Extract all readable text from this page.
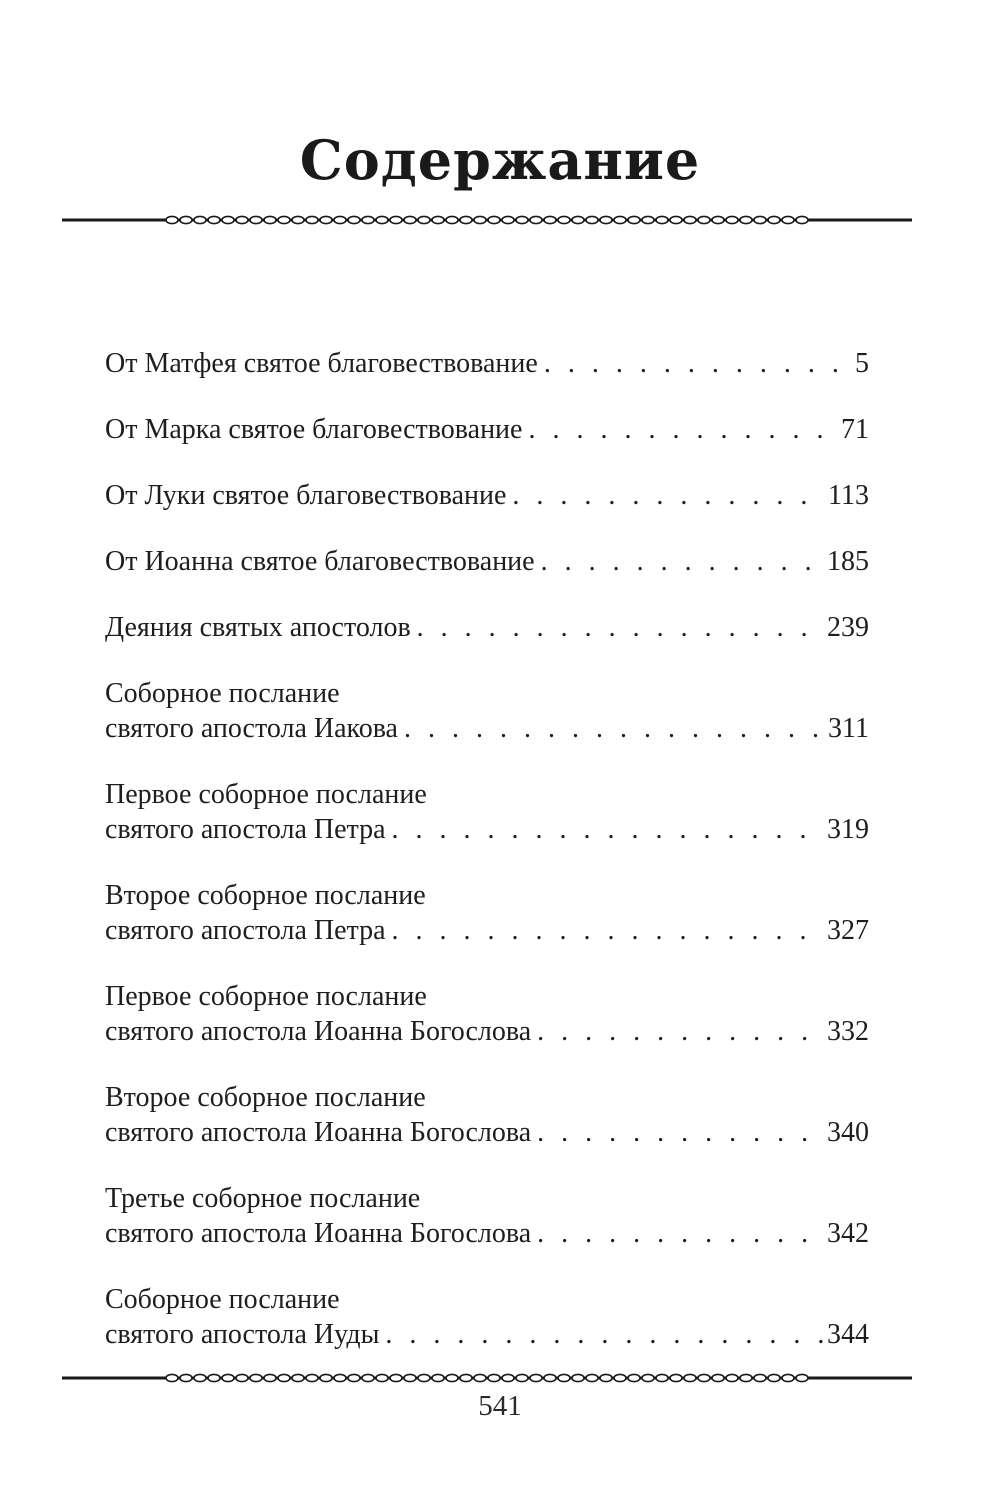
Содержание
От Матфея святое благовествование . . .	5
От Марка святое благовествование . . .	71
От Луки святое благовествование . . .	113
От Иоанна святое благовествование . . .	185
Деяния святых апостолов . . .	239
Соборное послание
святого апостола Иакова . . .	311
Первое соборное послание
святого апостола Петра . . .	319
Второе соборное послание
святого апостола Петра . . .	327
Первое соборное послание
святого апостола Иоанна Богослова . . .	332
Второе соборное послание
святого апостола Иоанна Богослова . . .	340
Третье соборное послание
святого апостола Иоанна Богослова . . .	342
Соборное послание
святого апостола Иуды . . .	344
541
